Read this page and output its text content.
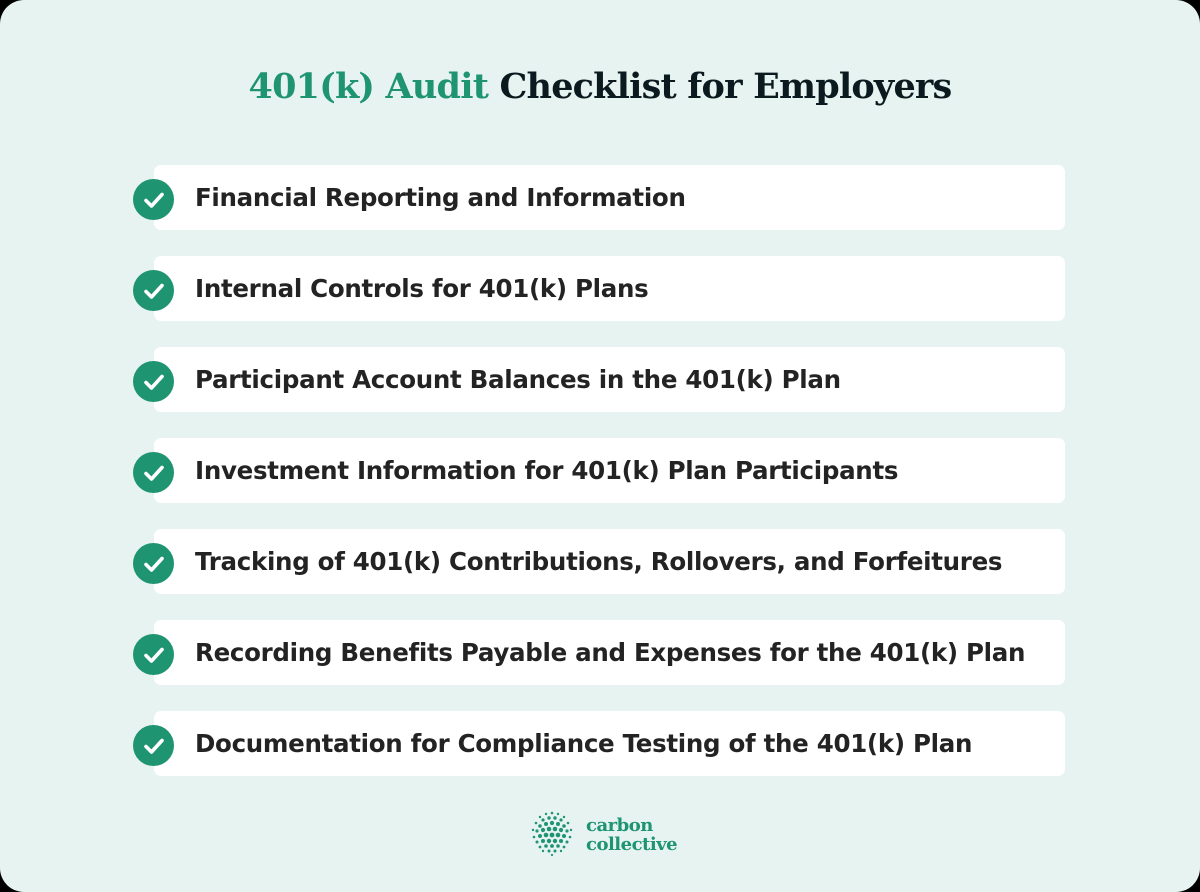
401(k) Audit Checklist for Employers
Financial Reporting and Information
Internal Controls for 401(k) Plans
Participant Account Balances in the 401(k) Plan
Investment Information for 401(k) Plan Participants
Tracking of 401(k) Contributions, Rollovers, and Forfeitures
Recording Benefits Payable and Expenses for the 401(k) Plan
Documentation for Compliance Testing of the 401(k) Plan
carbon
collective
